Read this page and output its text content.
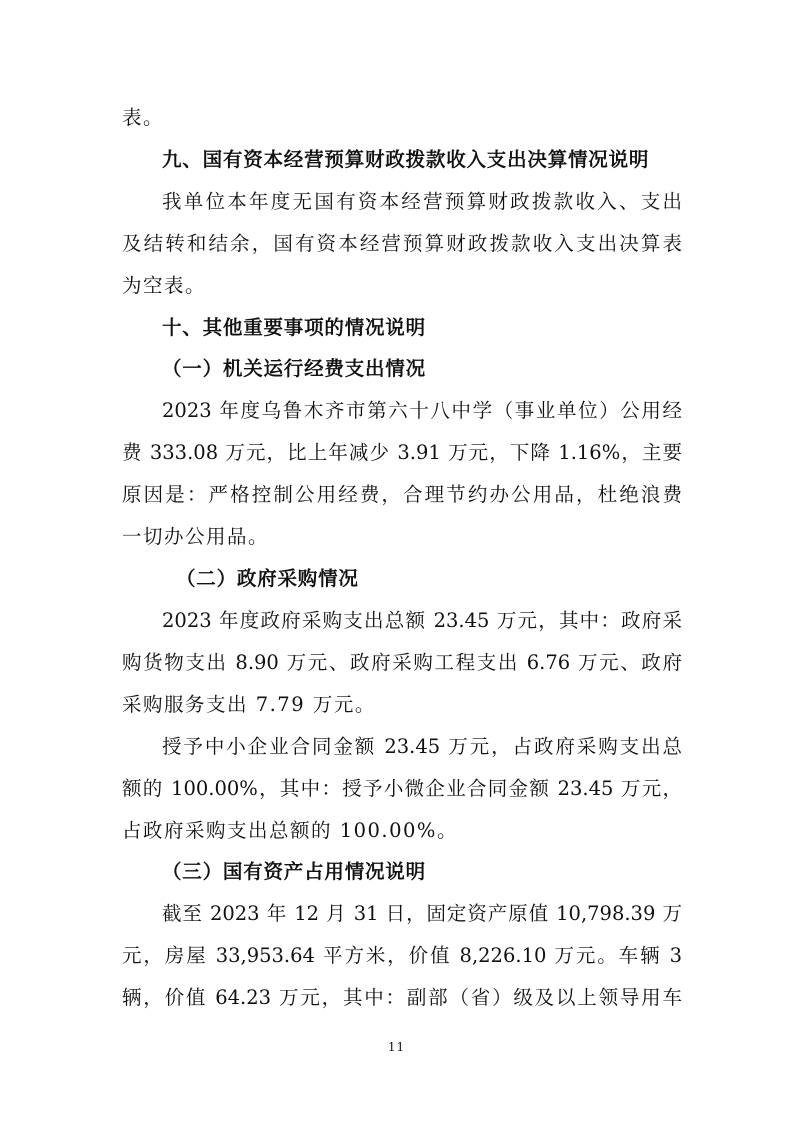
表。
九、国有资本经营预算财政拨款收入支出决算情况说明
我单位本年度无国有资本经营预算财政拨款收入、支出
及结转和结余，国有资本经营预算财政拨款收入支出决算表
为空表。
十、其他重要事项的情况说明
（一）机关运行经费支出情况
2023 年度乌鲁木齐市第六十八中学（事业单位）公用经
费 333.08 万元，比上年减少 3.91 万元，下降 1.16%，主要
原因是：严格控制公用经费，合理节约办公用品，杜绝浪费
一切办公用品。
（二）政府采购情况
2023 年度政府采购支出总额 23.45 万元，其中：政府采
购货物支出 8.90 万元、政府采购工程支出 6.76 万元、政府
采购服务支出 7.79 万元。
授予中小企业合同金额 23.45 万元，占政府采购支出总
额的 100.00%，其中：授予小微企业合同金额 23.45 万元，
占政府采购支出总额的 100.00%。
（三）国有资产占用情况说明
截至 2023 年 12 月 31 日，固定资产原值 10,798.39 万
元，房屋 33,953.64 平方米，价值 8,226.10 万元。车辆 3
辆，价值 64.23 万元，其中：副部（省）级及以上领导用车
11
